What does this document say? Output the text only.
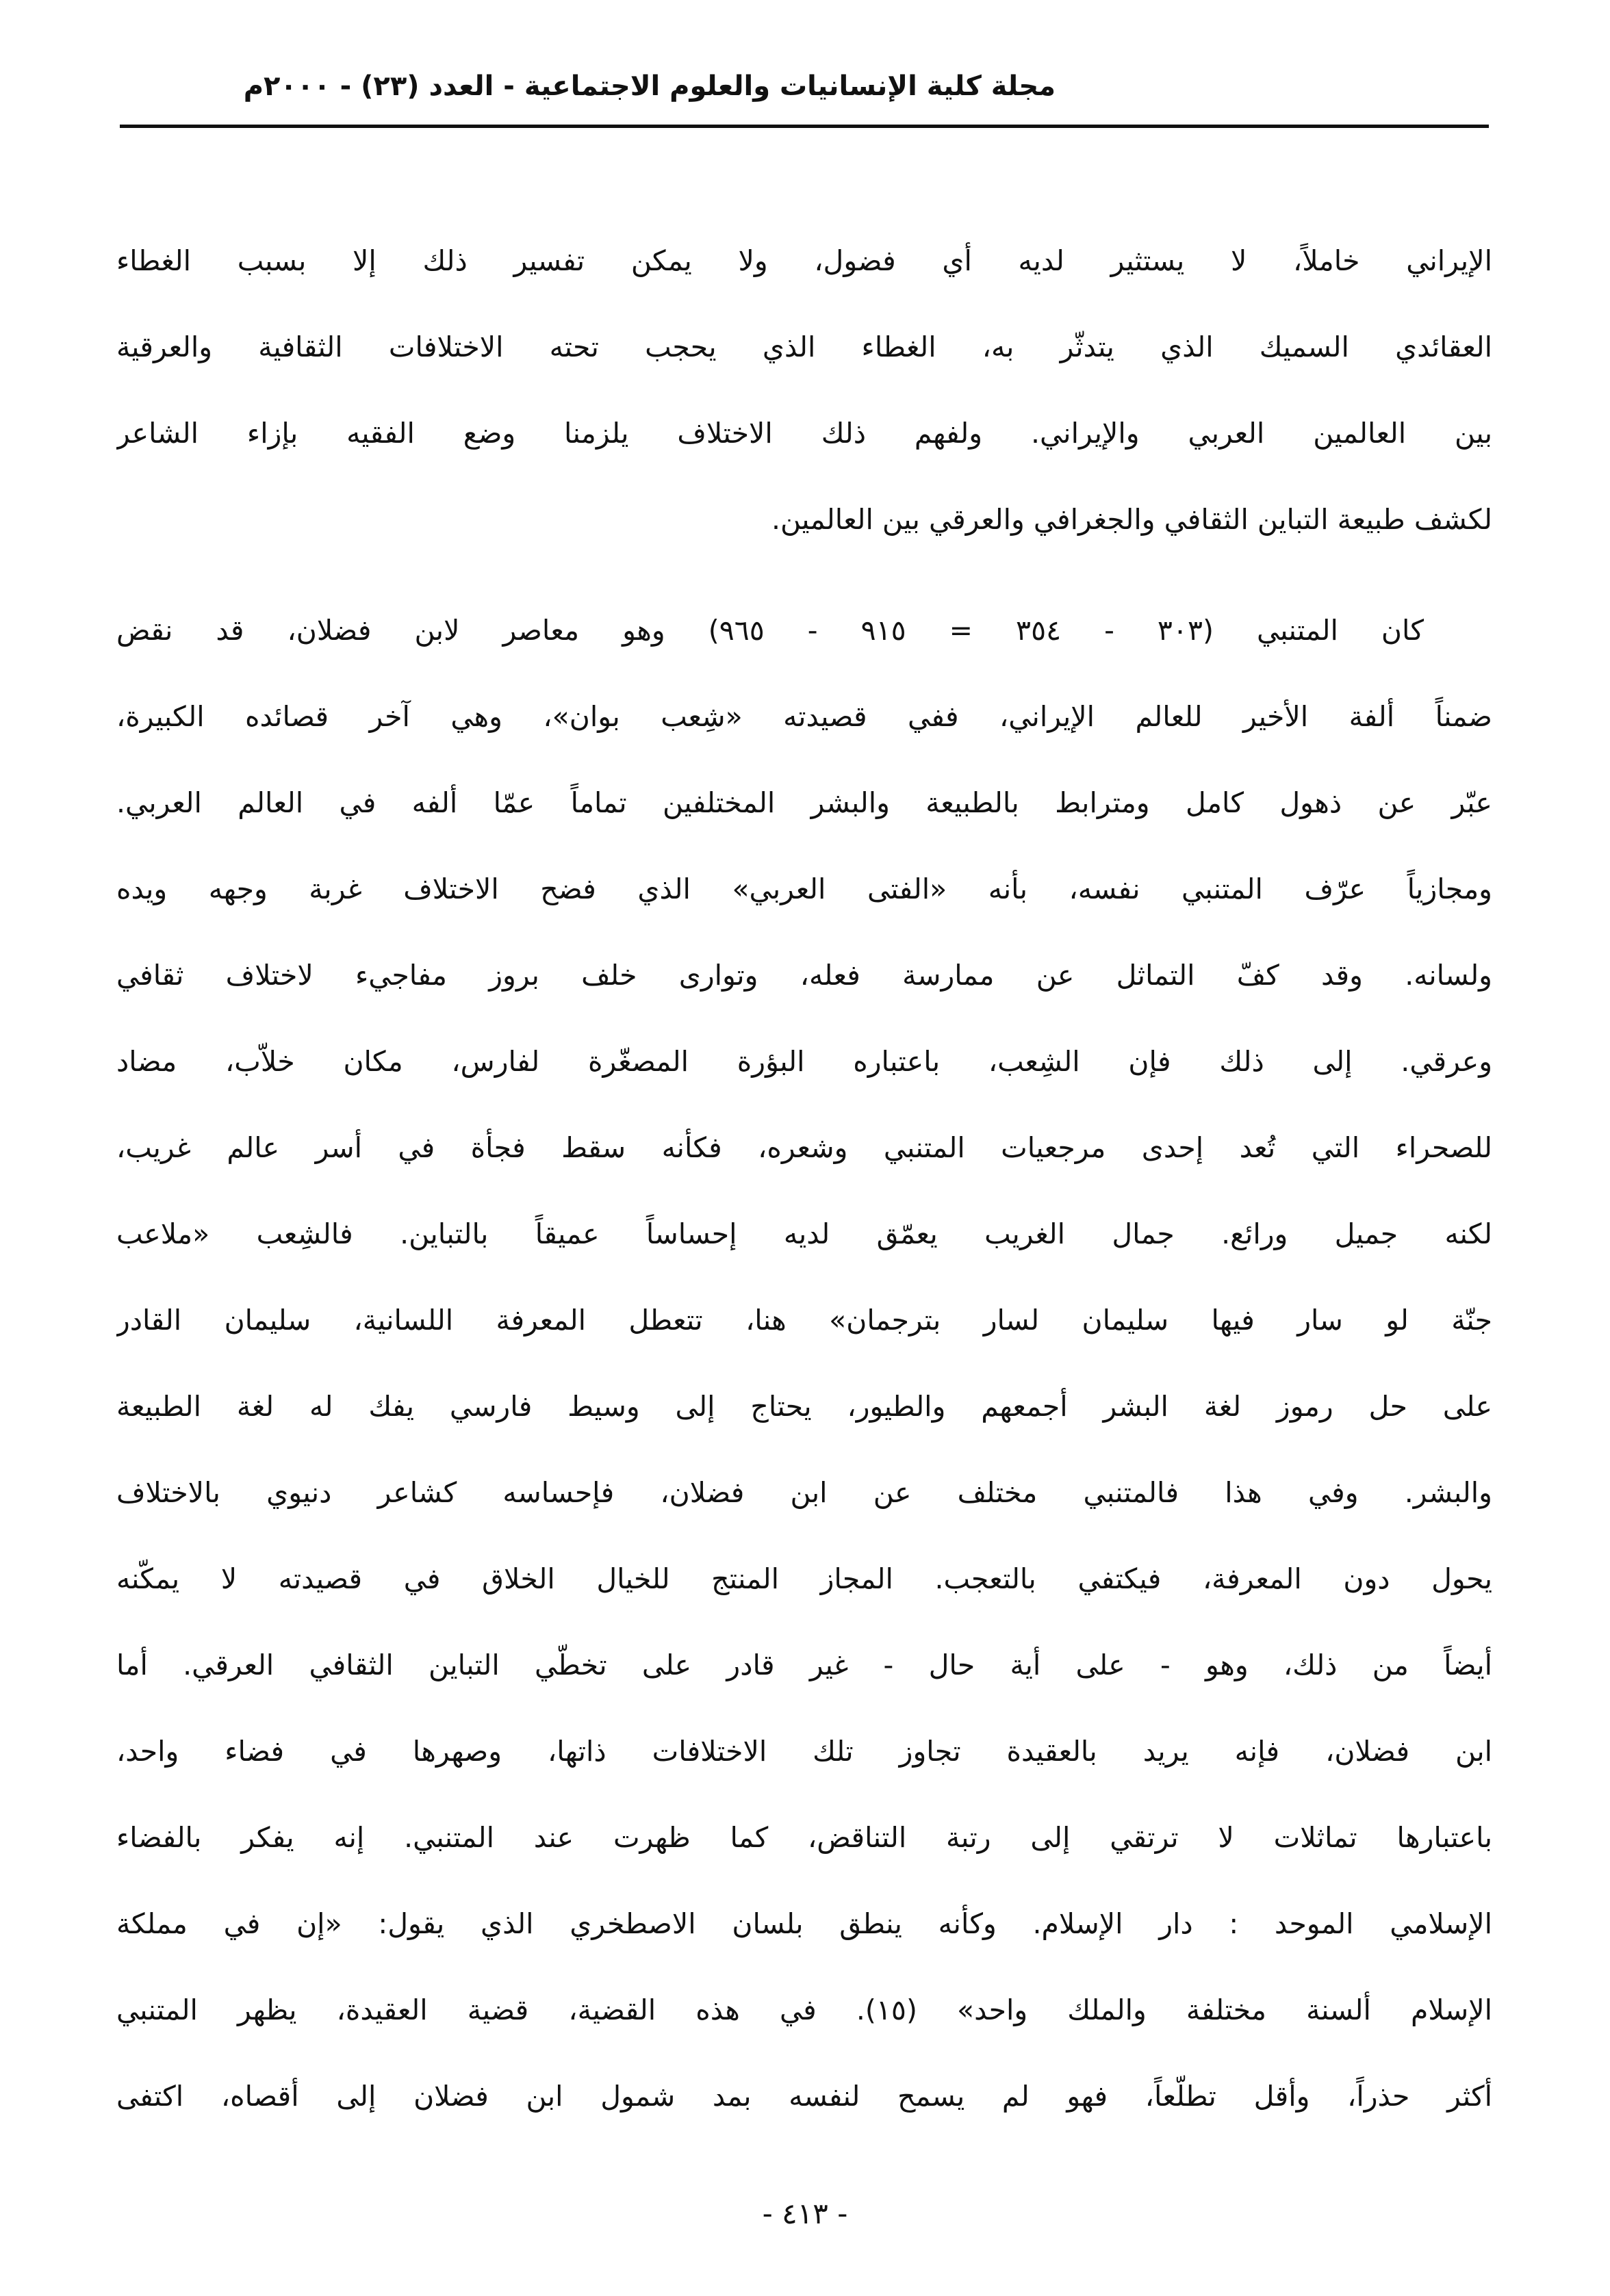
مجلة كلية الإنسانيات والعلوم الاجتماعية - العدد (٢٣) - ٢٠٠٠م
الإيراني خاملاً، لا يستثير لديه أي فضول، ولا يمكن تفسير ذلك إلا بسبب الغطاء
العقائدي السميك الذي يتدثّر به، الغطاء الذي يحجب تحته الاختلافات الثقافية والعرقية
بين العالمين العربي والإيراني. ولفهم ذلك الاختلاف يلزمنا وضع الفقيه بإزاء الشاعر
لكشف طبيعة التباين الثقافي والجغرافي والعرقي بين العالمين.
كان المتنبي (٣٠٣ - ٣٥٤ = ٩١٥ - ٩٦٥) وهو معاصر لابن فضلان، قد نقض
ضمناً ألفة الأخير للعالم الإيراني، ففي قصيدته «شِعب بوان»، وهي آخر قصائده الكبيرة،
عبّر عن ذهول كامل ومترابط بالطبيعة والبشر المختلفين تماماً عمّا ألفه في العالم العربي.
ومجازياً عرّف المتنبي نفسه، بأنه «الفتى العربي» الذي فضح الاختلاف غربة وجهه ويده
ولسانه. وقد كفّ التماثل عن ممارسة فعله، وتوارى خلف بروز مفاجيء لاختلاف ثقافي
وعرقي. إلى ذلك فإن الشِعب، باعتباره البؤرة المصغّرة لفارس، مكان خلاّب، مضاد
للصحراء التي تُعد إحدى مرجعيات المتنبي وشعره، فكأنه سقط فجأة في أسر عالم غريب،
لكنه جميل ورائع. جمال الغريب يعمّق لديه إحساساً عميقاً بالتباين. فالشِعب «ملاعب
جنّة لو سار فيها سليمان لسار بترجمان» هنا، تتعطل المعرفة اللسانية، سليمان القادر
على حل رموز لغة البشر أجمعهم والطيور، يحتاج إلى وسيط فارسي يفك له لغة الطبيعة
والبشر. وفي هذا فالمتنبي مختلف عن ابن فضلان، فإحساسه كشاعر دنيوي بالاختلاف
يحول دون المعرفة، فيكتفي بالتعجب. المجاز المنتج للخيال الخلاق في قصيدته لا يمكّنه
أيضاً من ذلك، وهو - على أية حال - غير قادر على تخطّي التباين الثقافي العرقي. أما
ابن فضلان، فإنه يريد بالعقيدة تجاوز تلك الاختلافات ذاتها، وصهرها في فضاء واحد،
باعتبارها تماثلات لا ترتقي إلى رتبة التناقض، كما ظهرت عند المتنبي. إنه يفكر بالفضاء
الإسلامي الموحد : دار الإسلام. وكأنه ينطق بلسان الاصطخري الذي يقول: «إن في مملكة
الإسلام ألسنة مختلفة والملك واحد» (١٥). في هذه القضية، قضية العقيدة، يظهر المتنبي
أكثر حذراً، وأقل تطلّعاً، فهو لم يسمح لنفسه بمد شمول ابن فضلان إلى أقصاه، اكتفى
- ٤١٣ -
